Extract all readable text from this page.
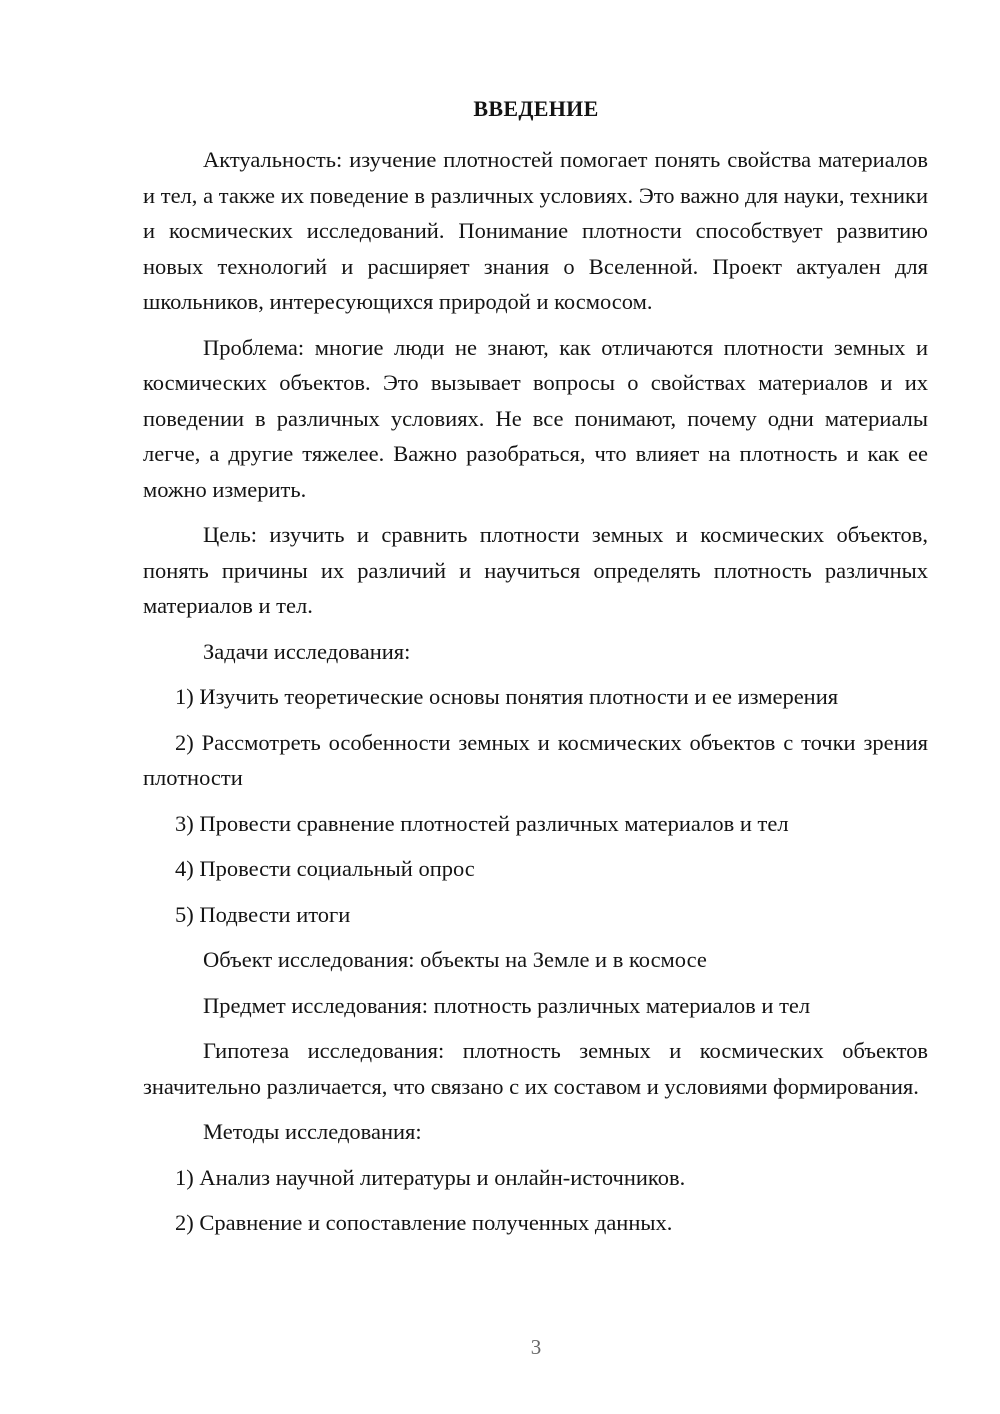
ВВЕДЕНИЕ

Актуальность: изучение плотностей помогает понять свойства материалов и тел, а также их поведение в различных условиях. Это важно для науки, техники и космических исследований. Понимание плотности способствует развитию новых технологий и расширяет знания о Вселенной. Проект актуален для школьников, интересующихся природой и космосом.

Проблема: многие люди не знают, как отличаются плотности земных и космических объектов. Это вызывает вопросы о свойствах материалов и их поведении в различных условиях. Не все понимают, почему одни материалы легче, а другие тяжелее. Важно разобраться, что влияет на плотность и как ее можно измерить.

Цель: изучить и сравнить плотности земных и космических объектов, понять причины их различий и научиться определять плотность различных материалов и тел.

Задачи исследования:

1) Изучить теоретические основы понятия плотности и ее измерения

2) Рассмотреть особенности земных и космических объектов с точки зрения плотности

3) Провести сравнение плотностей различных материалов и тел

4) Провести социальный опрос

5) Подвести итоги

Объект исследования: объекты на Земле и в космосе

Предмет исследования: плотность различных материалов и тел

Гипотеза исследования: плотность земных и космических объектов значительно различается, что связано с их составом и условиями формирования.

Методы исследования:

1) Анализ научной литературы и онлайн-источников.

2) Сравнение и сопоставление полученных данных.

3
